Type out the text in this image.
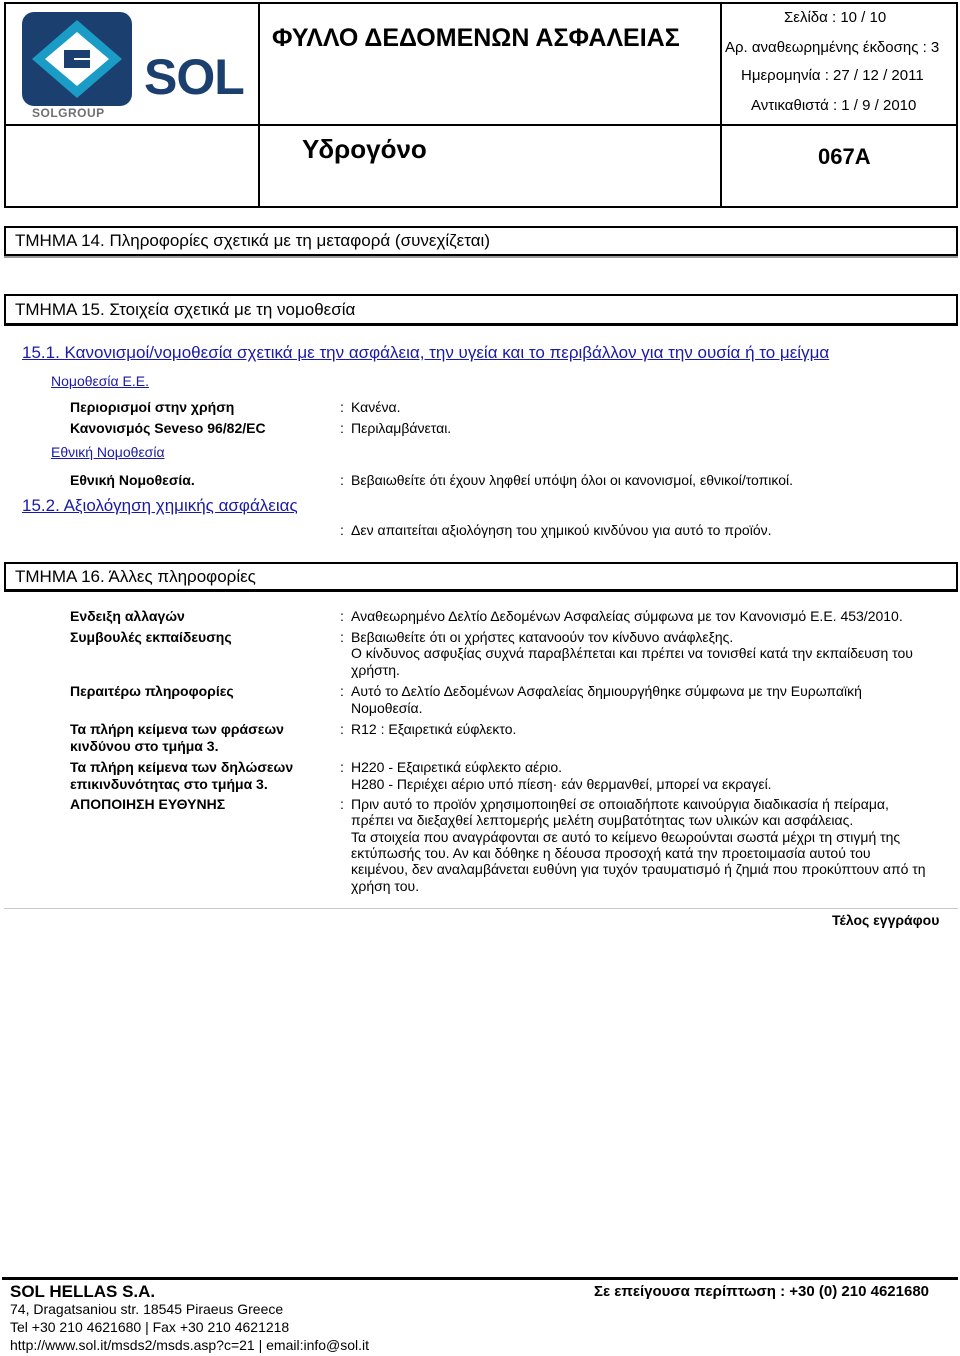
SOL
SOLGROUP
ΦΥΛΛΟ ΔΕΔΟΜΕΝΩΝ ΑΣΦΑΛΕΙΑΣ
Υδρογόνο	067A
Σελίδα : 10 / 10
Αρ. αναθεωρημένης έκδοσης : 3
Ημερομηνία : 27 / 12 / 2011
Αντικαθιστά : 1 / 9 / 2010
ΤΜΗΜΑ 14. Πληροφορίες σχετικά με τη μεταφορά (συνεχίζεται)
ΤΜΗΜΑ 15. Στοιχεία σχετικά με τη νομοθεσία
15.1. Κανονισμοί/νομοθεσία σχετικά με την ασφάλεια, την υγεία και το περιβάλλον για την ουσία ή το μείγμα
Νομοθεσία Ε.Ε.
Περιορισμοί στην χρήση	: Κανένα.
Κανονισμός Seveso 96/82/EC	: Περιλαμβάνεται.
Εθνική Νομοθεσία
Εθνική Νομοθεσία.	: Βεβαιωθείτε ότι έχουν ληφθεί υπόψη όλοι οι κανονισμοί, εθνικοί/τοπικοί.
15.2. Αξιολόγηση χημικής ασφάλειας
: Δεν απαιτείται αξιολόγηση του χημικού κινδύνου για αυτό το προϊόν.
ΤΜΗΜΑ 16. Άλλες πληροφορίες
Ενδειξη αλλαγών	: Αναθεωρημένο Δελτίο Δεδομένων Ασφαλείας σύμφωνα με τον Κανονισμό Ε.Ε. 453/2010.
Συμβουλές εκπαίδευσης	: Βεβαιωθείτε ότι οι χρήστες κατανοούν τον κίνδυνο ανάφλεξης.
Ο κίνδυνος ασφυξίας συχνά παραβλέπεται και πρέπει να τονισθεί κατά την εκπαίδευση του
χρήστη.
Περαιτέρω πληροφορίες	: Αυτό το Δελτίο Δεδομένων Ασφαλείας δημιουργήθηκε σύμφωνα με την Ευρωπαϊκή
Νομοθεσία.
Τα πλήρη κείμενα των φράσεων
κινδύνου στο τμήμα 3.
: R12 : Εξαιρετικά εύφλεκτο.
Τα πλήρη κείμενα των δηλώσεων
επικινδυνότητας στο τμήμα 3.
: H220 - Εξαιρετικά εύφλεκτο αέριο.
H280 - Περιέχει αέριο υπό πίεση· εάν θερμανθεί, μπορεί να εκραγεί.
ΑΠΟΠΟΙΗΣΗ ΕΥΘΥΝΗΣ	: Πριν αυτό το προϊόν χρησιμοποιηθεί σε οποιαδήποτε καινούργια διαδικασία ή πείραμα,
πρέπει να διεξαχθεί λεπτομερής μελέτη συμβατότητας των υλικών και ασφάλειας.
Τα στοιχεία που αναγράφονται σε αυτό το κείμενο θεωρούνται σωστά μέχρι τη στιγμή της
εκτύπωσής του. Αν και δόθηκε η δέουσα προσοχή κατά την προετοιμασία αυτού του
κειμένου, δεν αναλαμβάνεται ευθύνη για τυχόν τραυματισμό ή ζημιά που προκύπτουν από τη
χρήση του.
Τέλος εγγράφου
SOL HELLAS S.A.	Σε επείγουσα περίπτωση : +30 (0) 210 4621680
74, Dragatsaniou str. 18545 Piraeus Greece
Tel +30 210 4621680 | Fax +30 210 4621218
http://www.sol.it/msds2/msds.asp?c=21 | email:info@sol.it
